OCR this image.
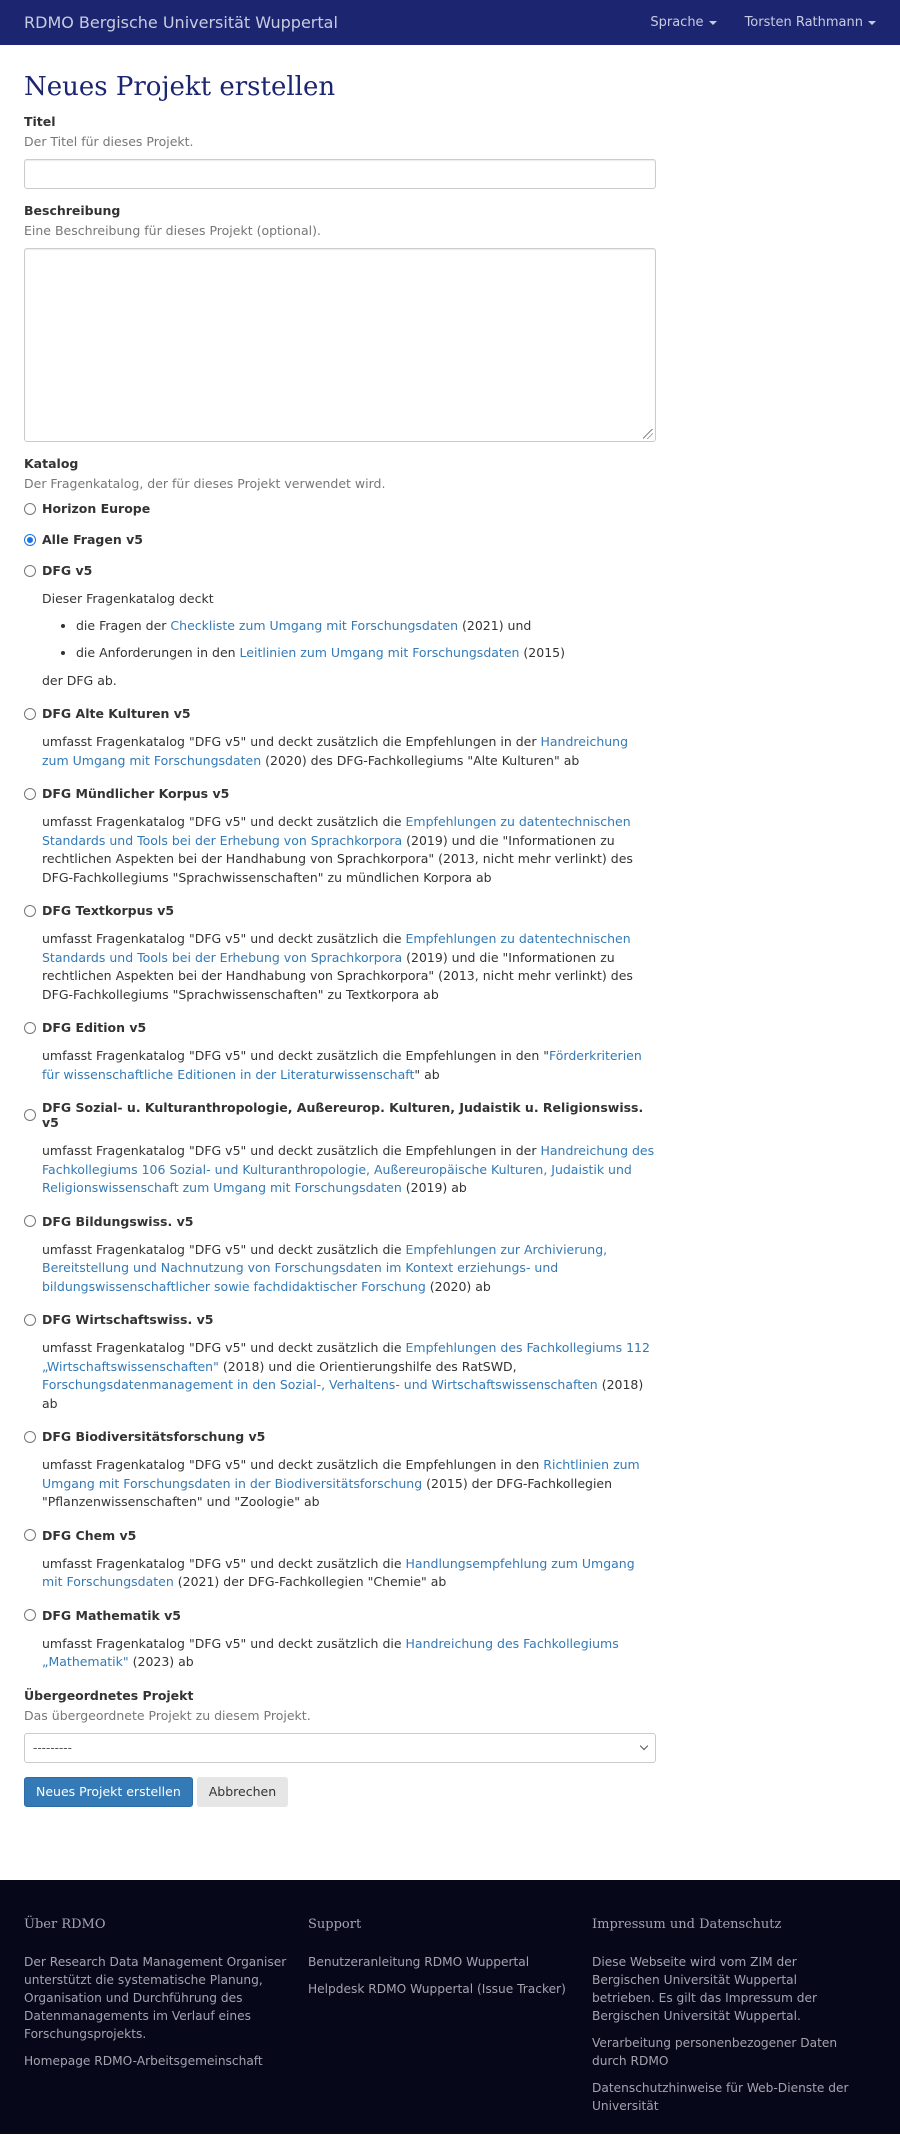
RDMO Bergische Universität Wuppertal	Sprache	Torsten Rathmann
Neues Projekt erstellen
Titel
Der Titel für dieses Projekt.
Beschreibung
Eine Beschreibung für dieses Projekt (optional).
Katalog
Der Fragenkatalog, der für dieses Projekt verwendet wird.
Horizon Europe
Alle Fragen v5
DFG v5
Dieser Fragenkatalog deckt
• die Fragen der Checkliste zum Umgang mit Forschungsdaten (2021) und
• die Anforderungen in den Leitlinien zum Umgang mit Forschungsdaten (2015)
der DFG ab.
DFG Alte Kulturen v5
umfasst Fragenkatalog "DFG v5" und deckt zusätzlich die Empfehlungen in der Handreichung zum Umgang mit Forschungsdaten (2020) des DFG-Fachkollegiums "Alte Kulturen" ab
DFG Mündlicher Korpus v5
umfasst Fragenkatalog "DFG v5" und deckt zusätzlich die Empfehlungen zu datentechnischen Standards und Tools bei der Erhebung von Sprachkorpora (2019) und die "Informationen zu rechtlichen Aspekten bei der Handhabung von Sprachkorpora" (2013, nicht mehr verlinkt) des DFG-Fachkollegiums "Sprachwissenschaften" zu mündlichen Korpora ab
DFG Textkorpus v5
umfasst Fragenkatalog "DFG v5" und deckt zusätzlich die Empfehlungen zu datentechnischen Standards und Tools bei der Erhebung von Sprachkorpora (2019) und die "Informationen zu rechtlichen Aspekten bei der Handhabung von Sprachkorpora" (2013, nicht mehr verlinkt) des DFG-Fachkollegiums "Sprachwissenschaften" zu Textkorpora ab
DFG Edition v5
umfasst Fragenkatalog "DFG v5" und deckt zusätzlich die Empfehlungen in den "Förderkriterien für wissenschaftliche Editionen in der Literaturwissenschaft" ab
DFG Sozial- u. Kulturanthropologie, Außereurop. Kulturen, Judaistik u. Religionswiss. v5
umfasst Fragenkatalog "DFG v5" und deckt zusätzlich die Empfehlungen in der Handreichung des Fachkollegiums 106 Sozial- und Kulturanthropologie, Außereuropäische Kulturen, Judaistik und Religionswissenschaft zum Umgang mit Forschungsdaten (2019) ab
DFG Bildungswiss. v5
umfasst Fragenkatalog "DFG v5" und deckt zusätzlich die Empfehlungen zur Archivierung, Bereitstellung und Nachnutzung von Forschungsdaten im Kontext erziehungs- und bildungswissenschaftlicher sowie fachdidaktischer Forschung (2020) ab
DFG Wirtschaftswiss. v5
umfasst Fragenkatalog "DFG v5" und deckt zusätzlich die Empfehlungen des Fachkollegiums 112 „Wirtschaftswissenschaften" (2018) und die Orientierungshilfe des RatSWD, Forschungsdatenmanagement in den Sozial-, Verhaltens- und Wirtschaftswissenschaften (2018) ab
DFG Biodiversitätsforschung v5
umfasst Fragenkatalog "DFG v5" und deckt zusätzlich die Empfehlungen in den Richtlinien zum Umgang mit Forschungsdaten in der Biodiversitätsforschung (2015) der DFG-Fachkollegien "Pflanzenwissenschaften" und "Zoologie" ab
DFG Chem v5
umfasst Fragenkatalog "DFG v5" und deckt zusätzlich die Handlungsempfehlung zum Umgang mit Forschungsdaten (2021) der DFG-Fachkollegien "Chemie" ab
DFG Mathematik v5
umfasst Fragenkatalog "DFG v5" und deckt zusätzlich die Handreichung des Fachkollegiums „Mathematik" (2023) ab
Übergeordnetes Projekt
Das übergeordnete Projekt zu diesem Projekt.
---------
Neues Projekt erstellen	Abbrechen
Über RDMO

Der Research Data Management Organiser unterstützt die systematische Planung, Organisation und Durchführung des Datenmanagements im Verlauf eines Forschungsprojekts.

Homepage RDMO-Arbeitsgemeinschaft
Support
Benutzeranleitung RDMO Wuppertal
Helpdesk RDMO Wuppertal (Issue Tracker)
Impressum und Datenschutz

Diese Webseite wird vom ZIM der Bergischen Universität Wuppertal betrieben. Es gilt das Impressum der Bergischen Universität Wuppertal.

Verarbeitung personenbezogener Daten durch RDMO
Datenschutzhinweise für Web-Dienste der Universität
